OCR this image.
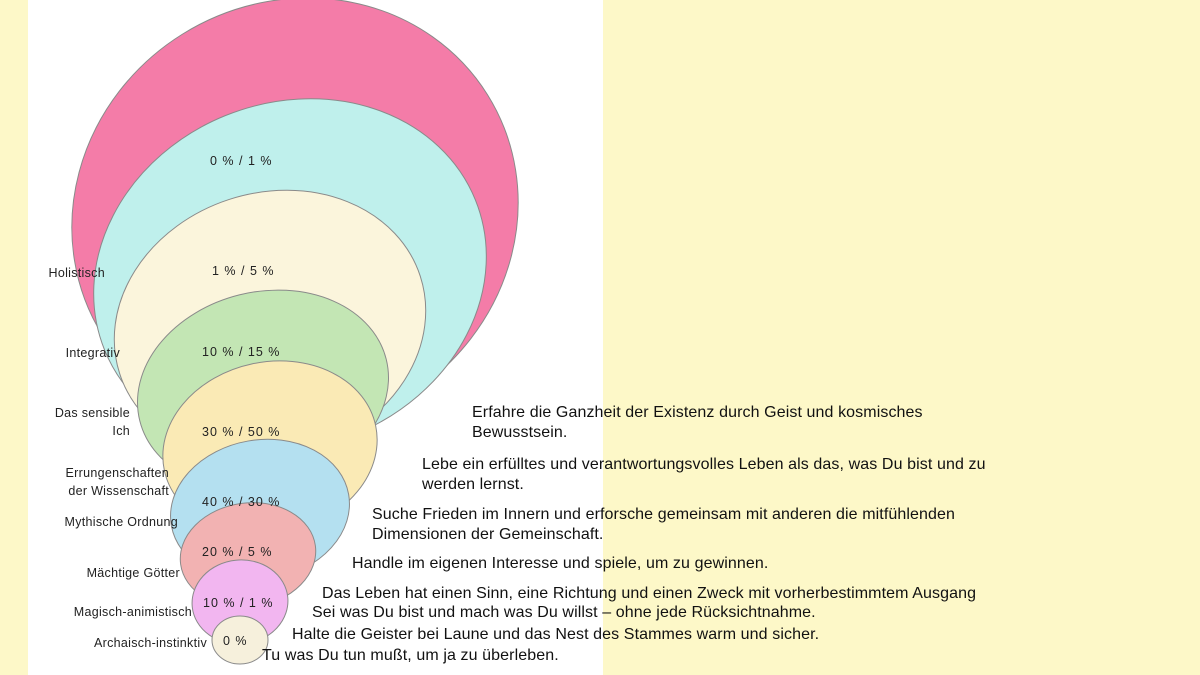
Holistisch
Integrativ
Das sensible
Ich
Errungenschaften
der Wissenschaft
Mythische Ordnung
Mächtige Götter
Magisch-animistisch
Archaisch-instinktiv
0 % / 1 %
1 % / 5 %
10 % / 15 %
30 % / 50 %
40 % / 30 %
20 % / 5 %
10 % / 1 %
0 %
Erfahre die Ganzheit der Existenz durch Geist und kosmisches
Bewusstsein.
Lebe ein erfülltes und verantwortungsvolles Leben als das, was Du bist und zu
werden lernst.
Suche Frieden im Innern und erforsche gemeinsam mit anderen die mitfühlenden
Dimensionen der Gemeinschaft.
Handle im eigenen Interesse und spiele, um zu gewinnen.
Das Leben hat einen Sinn, eine Richtung und einen Zweck mit vorherbestimmtem Ausgang
Sei was Du bist und mach was Du willst – ohne jede Rücksichtnahme.
Halte die Geister bei Laune und das Nest des Stammes warm und sicher.
Tu was Du tun mußt, um ja zu überleben.
